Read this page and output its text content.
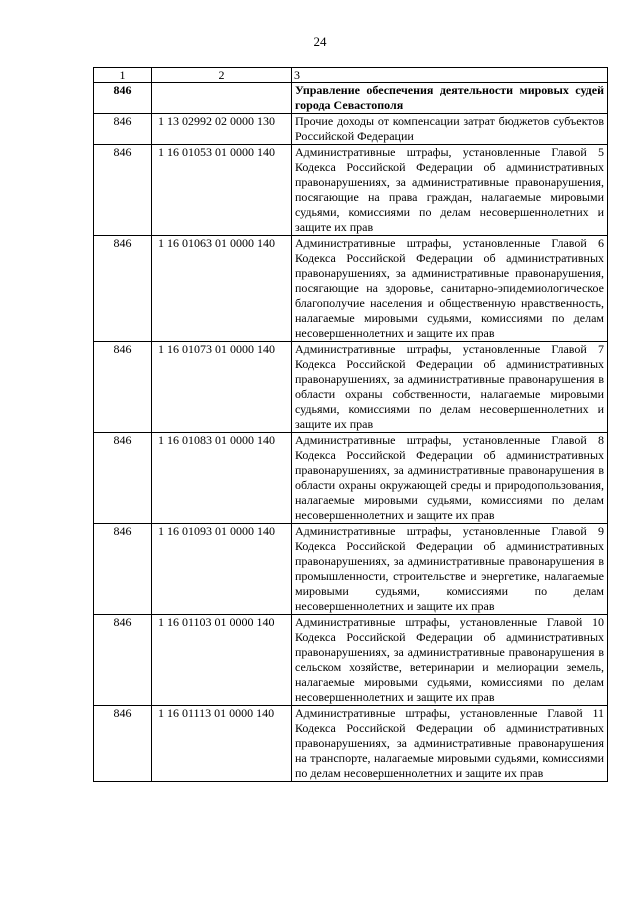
24
1	2	3
846		Управление обеспечения деятельности мировых судей города Севастополя
846	1 13 02992 02 0000 130	Прочие доходы от компенсации затрат бюджетов субъектов Российской Федерации
846	1 16 01053 01 0000 140	Административные штрафы, установленные Главой 5 Кодекса Российской Федерации об административных правонарушениях, за административные правонарушения, посягающие на права граждан, налагаемые мировыми судьями, комиссиями по делам несовершеннолетних и защите их прав
846	1 16 01063 01 0000 140	Административные штрафы, установленные Главой 6 Кодекса Российской Федерации об административных правонарушениях, за административные правонарушения, посягающие на здоровье, санитарно-эпидемиологическое благополучие населения и общественную нравственность, налагаемые мировыми судьями, комиссиями по делам несовершеннолетних и защите их прав
846	1 16 01073 01 0000 140	Административные штрафы, установленные Главой 7 Кодекса Российской Федерации об административных правонарушениях, за административные правонарушения в области охраны собственности, налагаемые мировыми судьями, комиссиями по делам несовершеннолетних и защите их прав
846	1 16 01083 01 0000 140	Административные штрафы, установленные Главой 8 Кодекса Российской Федерации об административных правонарушениях, за административные правонарушения в области охраны окружающей среды и природопользования, налагаемые мировыми судьями, комиссиями по делам несовершеннолетних и защите их прав
846	1 16 01093 01 0000 140	Административные штрафы, установленные Главой 9 Кодекса Российской Федерации об административных правонарушениях, за административные правонарушения в промышленности, строительстве и энергетике, налагаемые мировыми судьями, комиссиями по делам несовершеннолетних и защите их прав
846	1 16 01103 01 0000 140	Административные штрафы, установленные Главой 10 Кодекса Российской Федерации об административных правонарушениях, за административные правонарушения в сельском хозяйстве, ветеринарии и мелиорации земель, налагаемые мировыми судьями, комиссиями по делам несовершеннолетних и защите их прав
846	1 16 01113 01 0000 140	Административные штрафы, установленные Главой 11 Кодекса Российской Федерации об административных правонарушениях, за административные правонарушения на транспорте, налагаемые мировыми судьями, комиссиями по делам несовершеннолетних и защите их прав
